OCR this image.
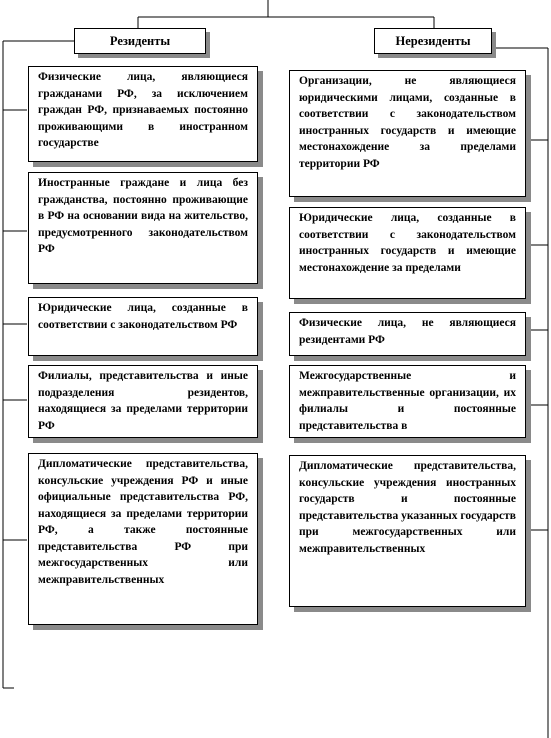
Резиденты	Нерезиденты
Физические лица, являющиеся гражданами РФ, за исключением граждан РФ, признаваемых постоянно проживающими в иностранном государстве
Иностранные граждане и лица без гражданства, постоянно проживающие в РФ на основании вида на жительство, предусмотренного законодательством РФ
Юридические лица, созданные в соответствии с законодательством РФ
Филиалы, представительства и иные подразделения резидентов, находящиеся за пределами территории РФ
Дипломатические представительства, консульские учреждения РФ и иные официальные представительства РФ, находящиеся за пределами территории РФ, а также постоянные представительства РФ при межгосударственных или межправительственных
Организации, не являющиеся юридическими лицами, созданные в соответствии с законодательством иностранных государств и имеющие местонахождение за пределами территории РФ
Юридические лица, созданные в соответствии с законодательством иностранных государств и имеющие местонахождение за пределами
Физические лица, не являющиеся резидентами РФ
Межгосударственные и межправительственные организации, их филиалы и постоянные представительства в
Дипломатические представительства, консульские учреждения иностранных государств и постоянные представительства указанных государств при межгосударственных или межправительственных
